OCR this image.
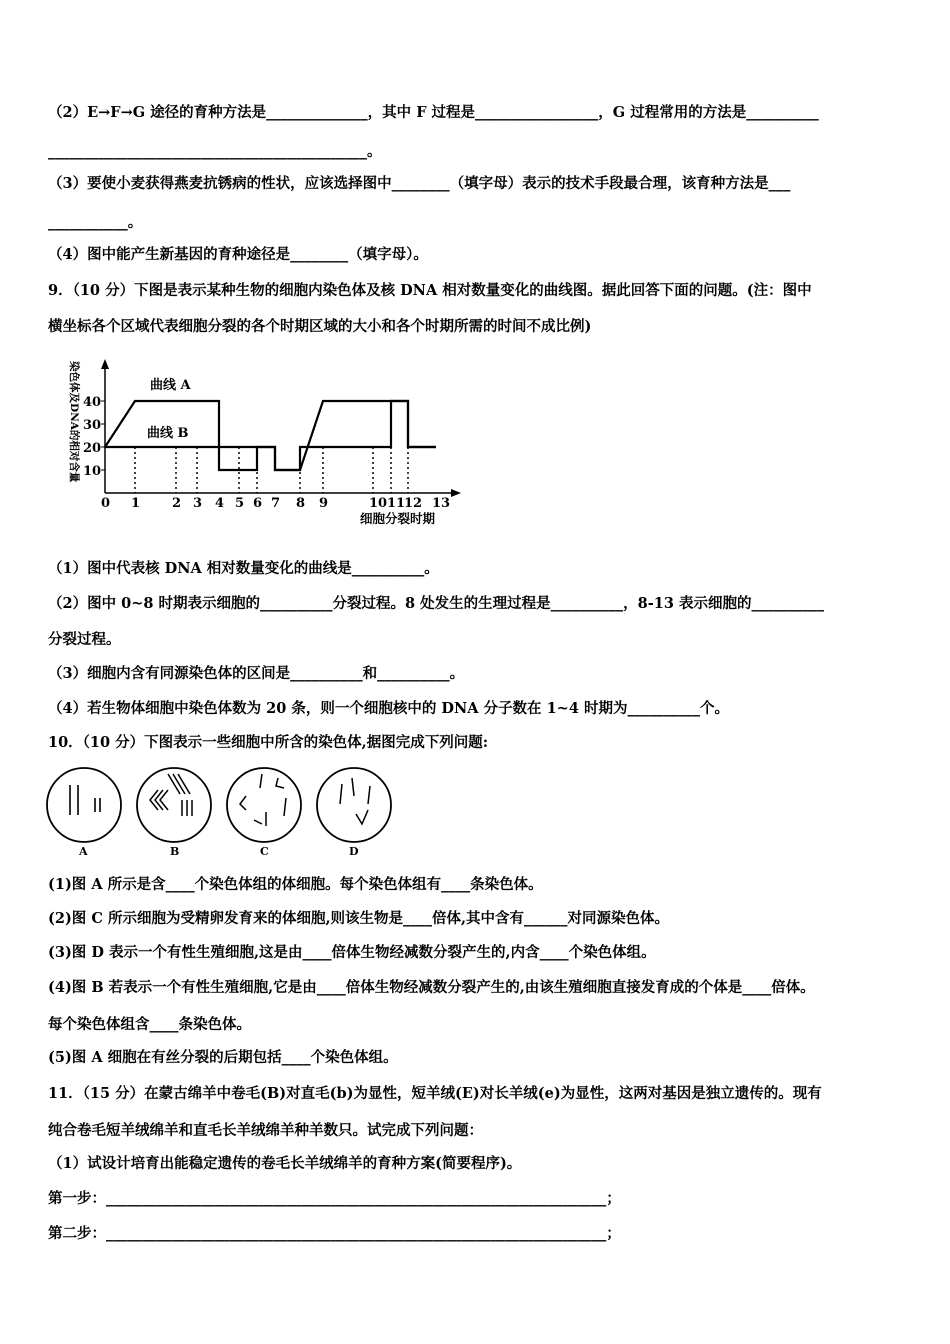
（2）E→F→G 途径的育种方法是______________，其中 F 过程是_________________，G 过程常用的方法是__________
____________________________________________。
（3）要使小麦获得燕麦抗锈病的性状，应该选择图中________（填字母）表示的技术手段最合理，该育种方法是___
___________。
（4）图中能产生新基因的育种途径是________（填字母）。
9．（10 分）下图是表示某种生物的细胞内染色体及核 DNA 相对数量变化的曲线图。据此回答下面的问题。(注：图中
横坐标各个区域代表细胞分裂的各个时期区域的大小和各个时期所需的时间不成比例)
染色体及DNA的相对含量 10
20
30
40
0 1 2 3 4 5 6 7 8 9	10 11
12 13
曲线 A
曲线 B
细胞分裂时期
（1）图中代表核 DNA 相对数量变化的曲线是__________。
（2）图中 0~8 时期表示细胞的__________分裂过程。8 处发生的生理过程是__________，8-13 表示细胞的__________
分裂过程。
（3）细胞内含有同源染色体的区间是__________和__________。
（4）若生物体细胞中染色体数为 20 条，则一个细胞核中的 DNA 分子数在 1~4 时期为__________个。
10．（10 分）下图表示一些细胞中所含的染色体,据图完成下列问题:
A	B	C	D
(1)图 A 所示是含____个染色体组的体细胞。每个染色体组有____条染色体。
(2)图 C 所示细胞为受精卵发育来的体细胞,则该生物是____倍体,其中含有______对同源染色体。
(3)图 D 表示一个有性生殖细胞,这是由____倍体生物经减数分裂产生的,内含____个染色体组。
(4)图 B 若表示一个有性生殖细胞,它是由____倍体生物经减数分裂产生的,由该生殖细胞直接发育成的个体是____倍体。
每个染色体组含____条染色体。
(5)图 A 细胞在有丝分裂的后期包括____个染色体组。
11．（15 分）在蒙古绵羊中卷毛(B)对直毛(b)为显性，短羊绒(E)对长羊绒(e)为显性，这两对基因是独立遗传的。现有
纯合卷毛短羊绒绵羊和直毛长羊绒绵羊种羊数只。试完成下列问题：
（1）试设计培育出能稳定遗传的卷毛长羊绒绵羊的育种方案(简要程序)。
第一步：_____________________________________________________________________；
第二步：_____________________________________________________________________；
